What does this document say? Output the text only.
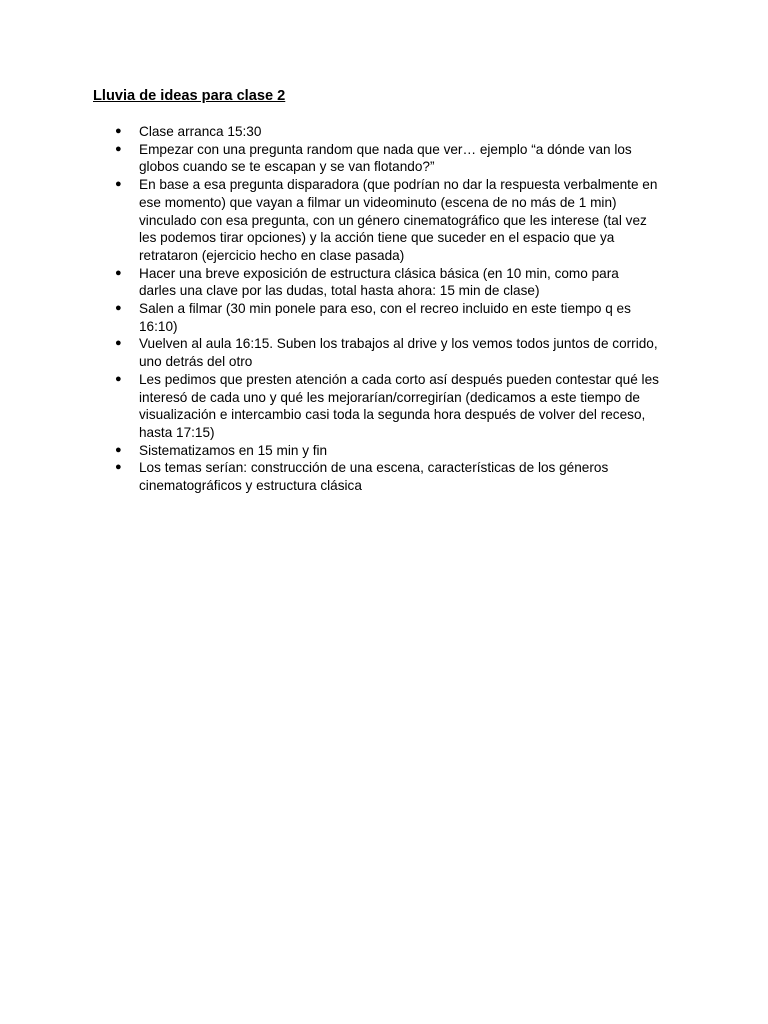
Lluvia de ideas para clase 2
●	Clase arranca 15:30
●	Empezar con una pregunta random que nada que ver… ejemplo “a dónde van los globos cuando se te escapan y se van flotando?”
●	En base a esa pregunta disparadora (que podrían no dar la respuesta verbalmente en ese momento) que vayan a filmar un videominuto (escena de no más de 1 min) vinculado con esa pregunta, con un género cinematográfico que les interese (tal vez les podemos tirar opciones) y la acción tiene que suceder en el espacio que ya retrataron (ejercicio hecho en clase pasada)
●	Hacer una breve exposición de estructura clásica básica (en 10 min, como para darles una clave por las dudas, total hasta ahora: 15 min de clase)
●	Salen a filmar (30 min ponele para eso, con el recreo incluido en este tiempo q es 16:10)
●	Vuelven al aula 16:15. Suben los trabajos al drive y los vemos todos juntos de corrido, uno detrás del otro
●	Les pedimos que presten atención a cada corto así después pueden contestar qué les interesó de cada uno y qué les mejorarían/corregirían (dedicamos a este tiempo de visualización e intercambio casi toda la segunda hora después de volver del receso, hasta 17:15)
●	Sistematizamos en 15 min y fin
●	Los temas serían: construcción de una escena, características de los géneros cinematográficos y estructura clásica
